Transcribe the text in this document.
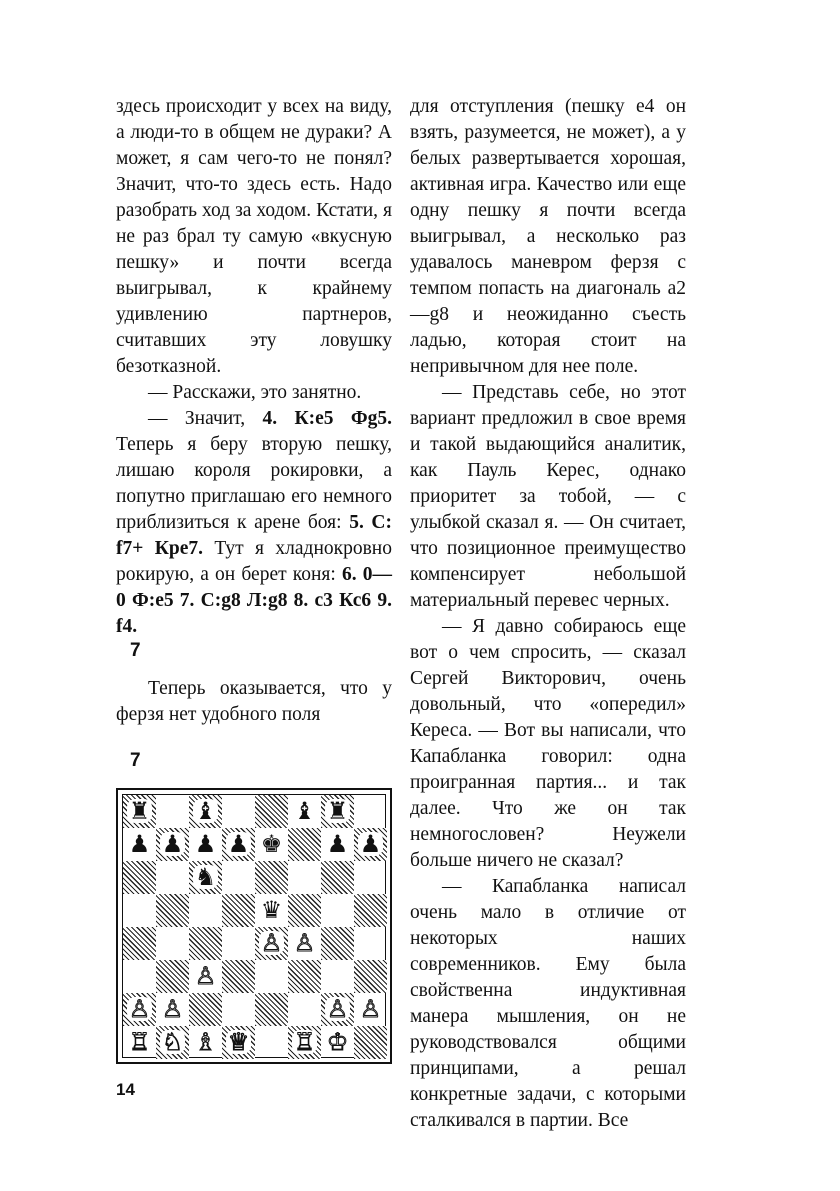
здесь происходит у всех на виду, а люди-то в общем не дураки? А может, я сам чего-то не понял? Значит, что-то здесь есть. Надо разобрать ход за ходом. Кстати, я не раз брал ту самую «вкусную пешку» и почти всегда выигрывал, к крайнему удивлению партнеров, считавших эту ловушку безотказной.

— Расскажи, это занятно.

— Значит, 4. К:е5 Фg5. Теперь я беру вторую пешку, лишаю короля рокировки, а попутно приглашаю его немного приблизиться к арене боя: 5. С: f7+ Кре7. Тут я хладнокровно рокирую, а он берет коня: 6. 0—0 Ф:е5 7. С:g8 Л:g8 8. с3 Кс6 9. f4.

7

Теперь оказывается, что у ферзя нет удобного поля

7
♜ ♝	♝ ♜
♟ ♟ ♟ ♟ ♚ ♟ ♟
♞
♛
♙ ♙
♙
♙ ♙	♙ ♙
♖ ♘ ♗ ♕ ♖ ♔

для отступления (пешку е4 он взять, разумеется, не может), а у белых развертывается хорошая, активная игра. Качество или еще одну пешку я почти всегда выигрывал, а несколько раз удавалось маневром ферзя с темпом попасть на диагональ а2—g8 и неожиданно съесть ладью, которая стоит на непривычном для нее поле.

— Представь себе, но этот вариант предложил в свое время и такой выдающийся аналитик, как Пауль Керес, однако приоритет за тобой, — с улыбкой сказал я. — Он считает, что позиционное преимущество компенсирует небольшой материальный перевес черных.

— Я давно собираюсь еще вот о чем спросить, — сказал Сергей Викторович, очень довольный, что «опередил» Кереса. — Вот вы написали, что Капабланка говорил: одна проигранная партия... и так далее. Что же он так немногословен? Неужели больше ничего не сказал?

— Капабланка написал очень мало в отличие от некоторых наших современников. Ему была свойственна индуктивная манера мышления, он не руководствовался общими принципами, а решал конкретные задачи, с которыми сталкивался в партии. Все

14
